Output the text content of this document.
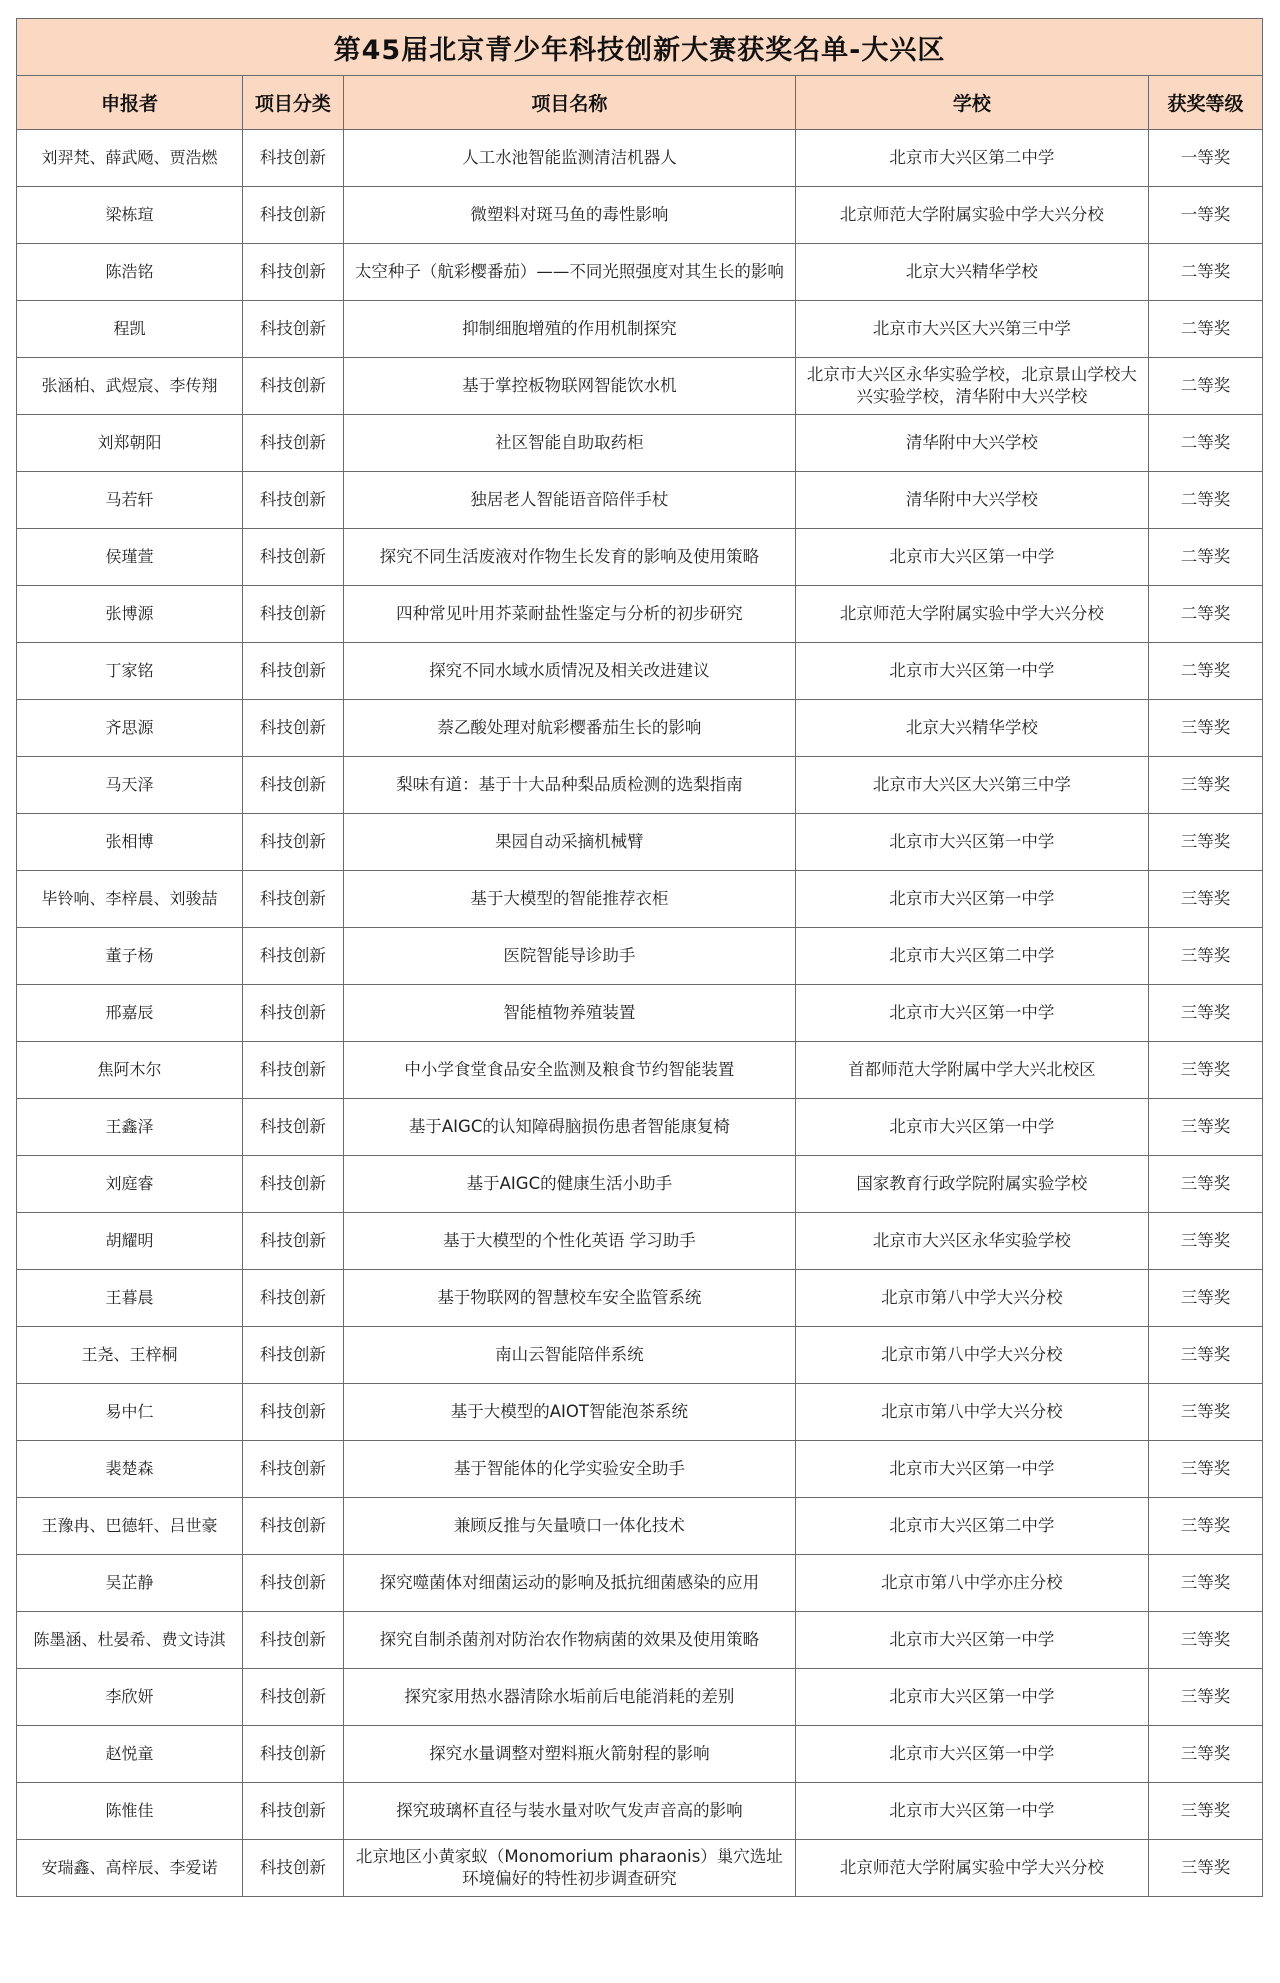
第45届北京青少年科技创新大赛获奖名单-大兴区				
申报者	项目分类	项目名称	学校	获奖等级
刘羿梵、薛武飏、贾浩燃	科技创新	人工水池智能监测清洁机器人	北京市大兴区第二中学	一等奖
梁栋瑄	科技创新	微塑料对斑马鱼的毒性影响	北京师范大学附属实验中学大兴分校	一等奖
陈浩铭	科技创新	太空种子（航彩樱番茄）——不同光照强度对其生长的影响	北京大兴精华学校	二等奖
程凯	科技创新	抑制细胞增殖的作用机制探究	北京市大兴区大兴第三中学	二等奖
张涵柏、武煜宸、李传翔	科技创新	基于掌控板物联网智能饮水机	北京市大兴区永华实验学校，北京景山学校大兴实验学校，清华附中大兴学校	二等奖
刘郑朝阳	科技创新	社区智能自助取药柜	清华附中大兴学校	二等奖
马若轩	科技创新	独居老人智能语音陪伴手杖	清华附中大兴学校	二等奖
侯瑾萱	科技创新	探究不同生活废液对作物生长发育的影响及使用策略	北京市大兴区第一中学	二等奖
张博源	科技创新	四种常见叶用芥菜耐盐性鉴定与分析的初步研究	北京师范大学附属实验中学大兴分校	二等奖
丁家铭	科技创新	探究不同水域水质情况及相关改进建议	北京市大兴区第一中学	二等奖
齐思源	科技创新	萘乙酸处理对航彩樱番茄生长的影响	北京大兴精华学校	三等奖
马天泽	科技创新	梨味有道：基于十大品种梨品质检测的选梨指南	北京市大兴区大兴第三中学	三等奖
张相博	科技创新	果园自动采摘机械臂	北京市大兴区第一中学	三等奖
毕铃响、李梓晨、刘骏喆	科技创新	基于大模型的智能推荐衣柜	北京市大兴区第一中学	三等奖
董子杨	科技创新	医院智能导诊助手	北京市大兴区第二中学	三等奖
邢嘉辰	科技创新	智能植物养殖装置	北京市大兴区第一中学	三等奖
焦阿木尔	科技创新	中小学食堂食品安全监测及粮食节约智能装置	首都师范大学附属中学大兴北校区	三等奖
王鑫泽	科技创新	基于AIGC的认知障碍脑损伤患者智能康复椅	北京市大兴区第一中学	三等奖
刘庭睿	科技创新	基于AIGC的健康生活小助手	国家教育行政学院附属实验学校	三等奖
胡耀明	科技创新	基于大模型的个性化英语 学习助手	北京市大兴区永华实验学校	三等奖
王暮晨	科技创新	基于物联网的智慧校车安全监管系统	北京市第八中学大兴分校	三等奖
王尧、王梓桐	科技创新	南山云智能陪伴系统	北京市第八中学大兴分校	三等奖
易中仁	科技创新	基于大模型的AIOT智能泡茶系统	北京市第八中学大兴分校	三等奖
裴楚森	科技创新	基于智能体的化学实验安全助手	北京市大兴区第一中学	三等奖
王豫冉、巴德轩、吕世豪	科技创新	兼顾反推与矢量喷口一体化技术	北京市大兴区第二中学	三等奖
吴芷静	科技创新	探究噬菌体对细菌运动的影响及抵抗细菌感染的应用	北京市第八中学亦庄分校	三等奖
陈墨涵、杜晏希、费文诗淇	科技创新	探究自制杀菌剂对防治农作物病菌的效果及使用策略	北京市大兴区第一中学	三等奖
李欣妍	科技创新	探究家用热水器清除水垢前后电能消耗的差别	北京市大兴区第一中学	三等奖
赵悦童	科技创新	探究水量调整对塑料瓶火箭射程的影响	北京市大兴区第一中学	三等奖
陈惟佳	科技创新	探究玻璃杯直径与装水量对吹气发声音高的影响	北京市大兴区第一中学	三等奖
安瑞鑫、高梓辰、李爱诺	科技创新	北京地区小黄家蚁（Monomorium pharaonis）巢穴选址环境偏好的特性初步调查研究	北京师范大学附属实验中学大兴分校	三等奖
